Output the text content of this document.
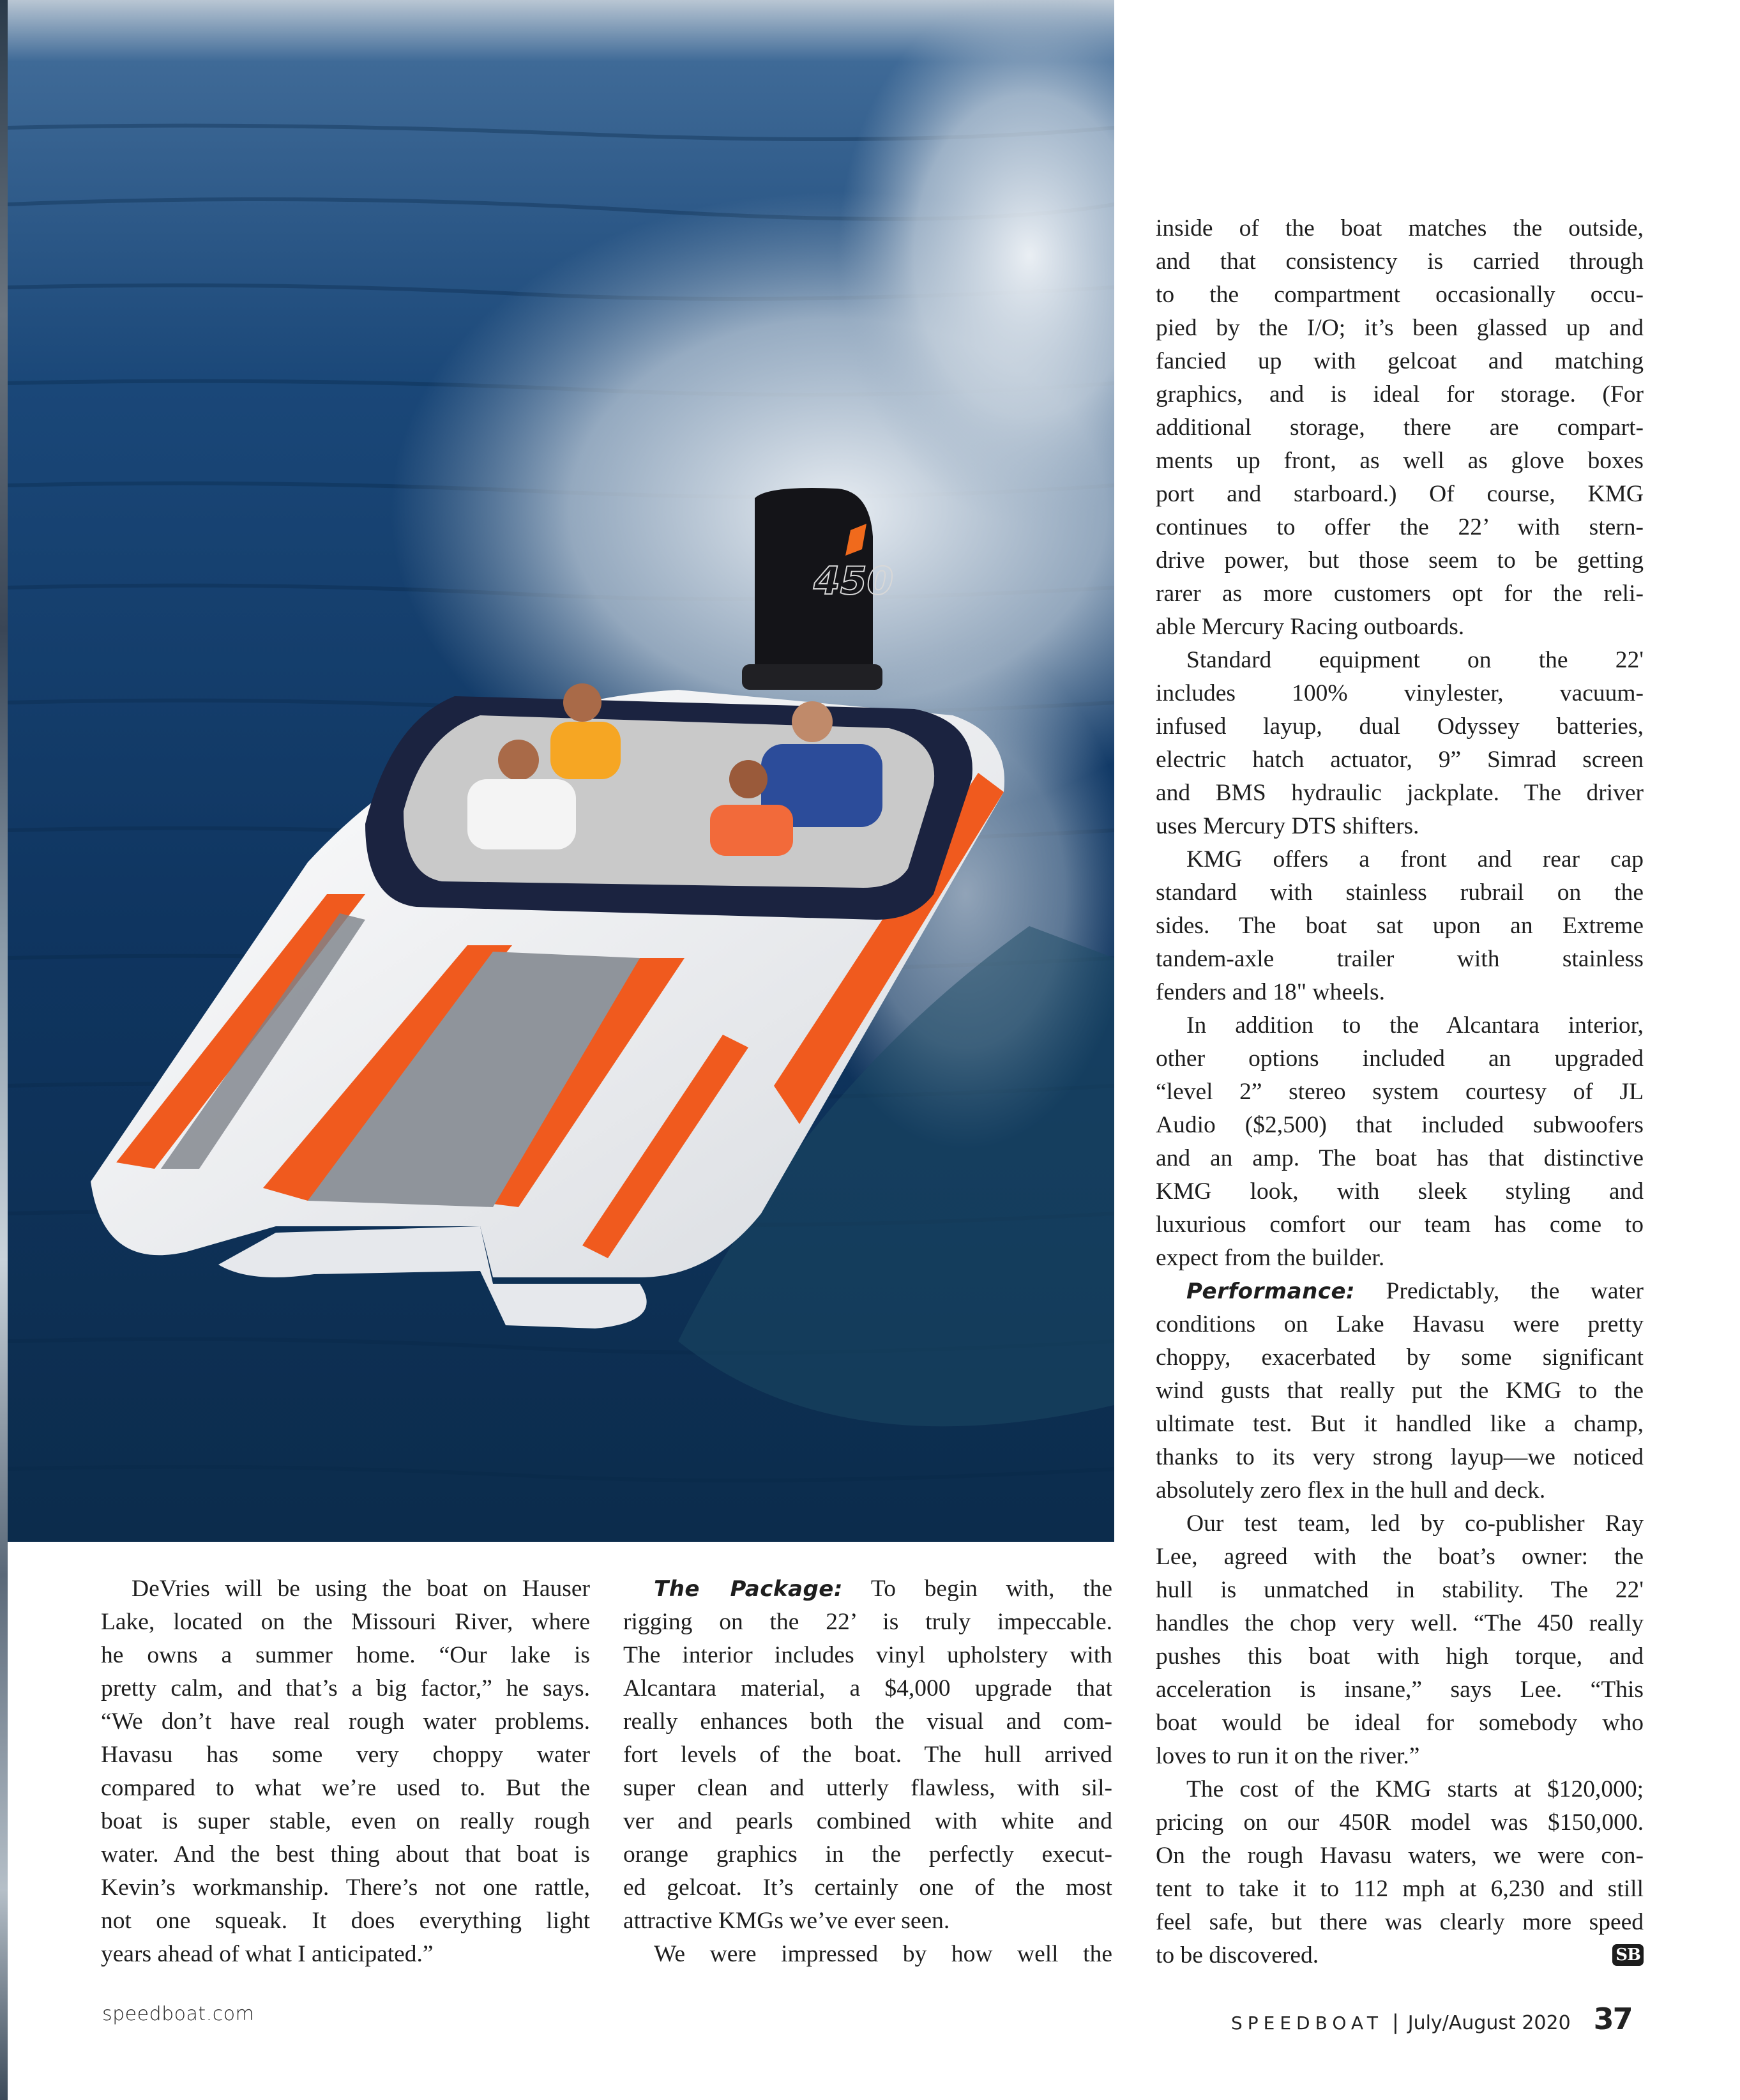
450
DeVries will be using the boat on Hauser
Lake, located on the Missouri River, where
he owns a summer home. “Our lake is
pretty calm, and that’s a big factor,” he says.
“We don’t have real rough water problems.
Havasu has some very choppy water
compared to what we’re used to. But the
boat is super stable, even on really rough
water. And the best thing about that boat is
Kevin’s workmanship. There’s not one rattle,
not one squeak. It does everything light
years ahead of what I anticipated.”
The Package: To begin with, the
rigging on the 22’ is truly impeccable.
The interior includes vinyl upholstery with
Alcantara material, a $4,000 upgrade that
really enhances both the visual and com-
fort levels of the boat. The hull arrived
super clean and utterly flawless, with sil-
ver and pearls combined with white and
orange graphics in the perfectly execut-
ed gelcoat. It’s certainly one of the most
attractive KMGs we’ve ever seen.
We were impressed by how well the
inside of the boat matches the outside,
and that consistency is carried through
to the compartment occasionally occu-
pied by the I/O; it’s been glassed up and
fancied up with gelcoat and matching
graphics, and is ideal for storage. (For
additional storage, there are compart-
ments up front, as well as glove boxes
port and starboard.) Of course, KMG
continues to offer the 22’ with stern-
drive power, but those seem to be getting
rarer as more customers opt for the reli-
able Mercury Racing outboards.
Standard equipment on the 22'
includes 100% vinylester, vacuum-
infused layup, dual Odyssey batteries,
electric hatch actuator, 9” Simrad screen
and BMS hydraulic jackplate. The driver
uses Mercury DTS shifters.
KMG offers a front and rear cap
standard with stainless rubrail on the
sides. The boat sat upon an Extreme
tandem-axle trailer with stainless
fenders and 18" wheels.
In addition to the Alcantara interior,
other options included an upgraded
“level 2” stereo system courtesy of JL
Audio ($2,500) that included subwoofers
and an amp. The boat has that distinctive
KMG look, with sleek styling and
luxurious comfort our team has come to
expect from the builder.
Performance: Predictably, the water
conditions on Lake Havasu were pretty
choppy, exacerbated by some significant
wind gusts that really put the KMG to the
ultimate test. But it handled like a champ,
thanks to its very strong layup—we noticed
absolutely zero flex in the hull and deck.
Our test team, led by co-publisher Ray
Lee, agreed with the boat’s owner: the
hull is unmatched in stability. The 22'
handles the chop very well. “The 450 really
pushes this boat with high torque, and
acceleration is insane,” says Lee. “This
boat would be ideal for somebody who
loves to run it on the river.”
The cost of the KMG starts at $120,000;
pricing on our 450R model was $150,000.
On the rough Havasu waters, we were con-
tent to take it to 112 mph at 6,230 and still
feel safe, but there was clearly more speed
to be discovered.	SB
speedboat.com	SPEEDBOAT | July/August 2020 37
